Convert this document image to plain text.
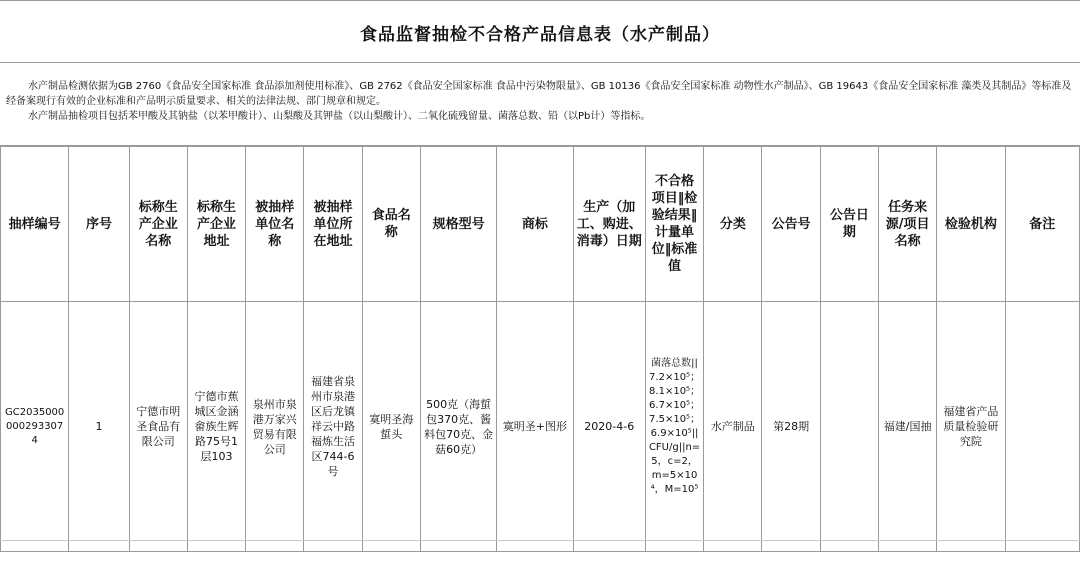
食品监督抽检不合格产品信息表（水产制品）

水产制品检测依据为GB 2760《食品安全国家标准 食品添加剂使用标准》、GB 2762《食品安全国家标准 食品中污染物限量》、GB 10136《食品安全国家标准 动物性水产制品》、GB 19643《食品安全国家标准 藻类及其制品》等标准及经备案现行有效的企业标准和产品明示质量要求、相关的法律法规、部门规章和规定。

水产制品抽检项目包括苯甲酸及其钠盐（以苯甲酸计）、山梨酸及其钾盐（以山梨酸计）、二氧化硫残留量、菌落总数、铅（以Pb计）等指标。

抽样编号	序号	标称生产企业名称	标称生产企业地址	被抽样单位名称	被抽样单位所在地址	食品名称	规格型号	商标	生产（加工、购进、消毒）日期	不合格项目‖检验结果‖计量单位‖标准值	分类	公告号	公告日期	任务来源/项目名称	检验机构	备注
GC20350000002933074	1	宁德市明圣食品有限公司	宁德市蕉城区金涵畲族生辉路75号1层103	泉州市泉港万家兴贸易有限公司	福建省泉州市泉港区后龙镇祥云中路福炼生活区744-6号	寞明圣海蜇头	500克（海蜇包370克、酱料包70克、金菇60克）	寞明圣+图形	2020-4-6	菌落总数||7.2×10⁵；8.1×10⁵；6.7×10⁵；7.5×10⁵；6.9×10⁵||CFU/g||n=5，c=2，m=5×10⁴，M=10⁵	水产制品	第28期		福建/国抽	福建省产品质量检验研究院	
